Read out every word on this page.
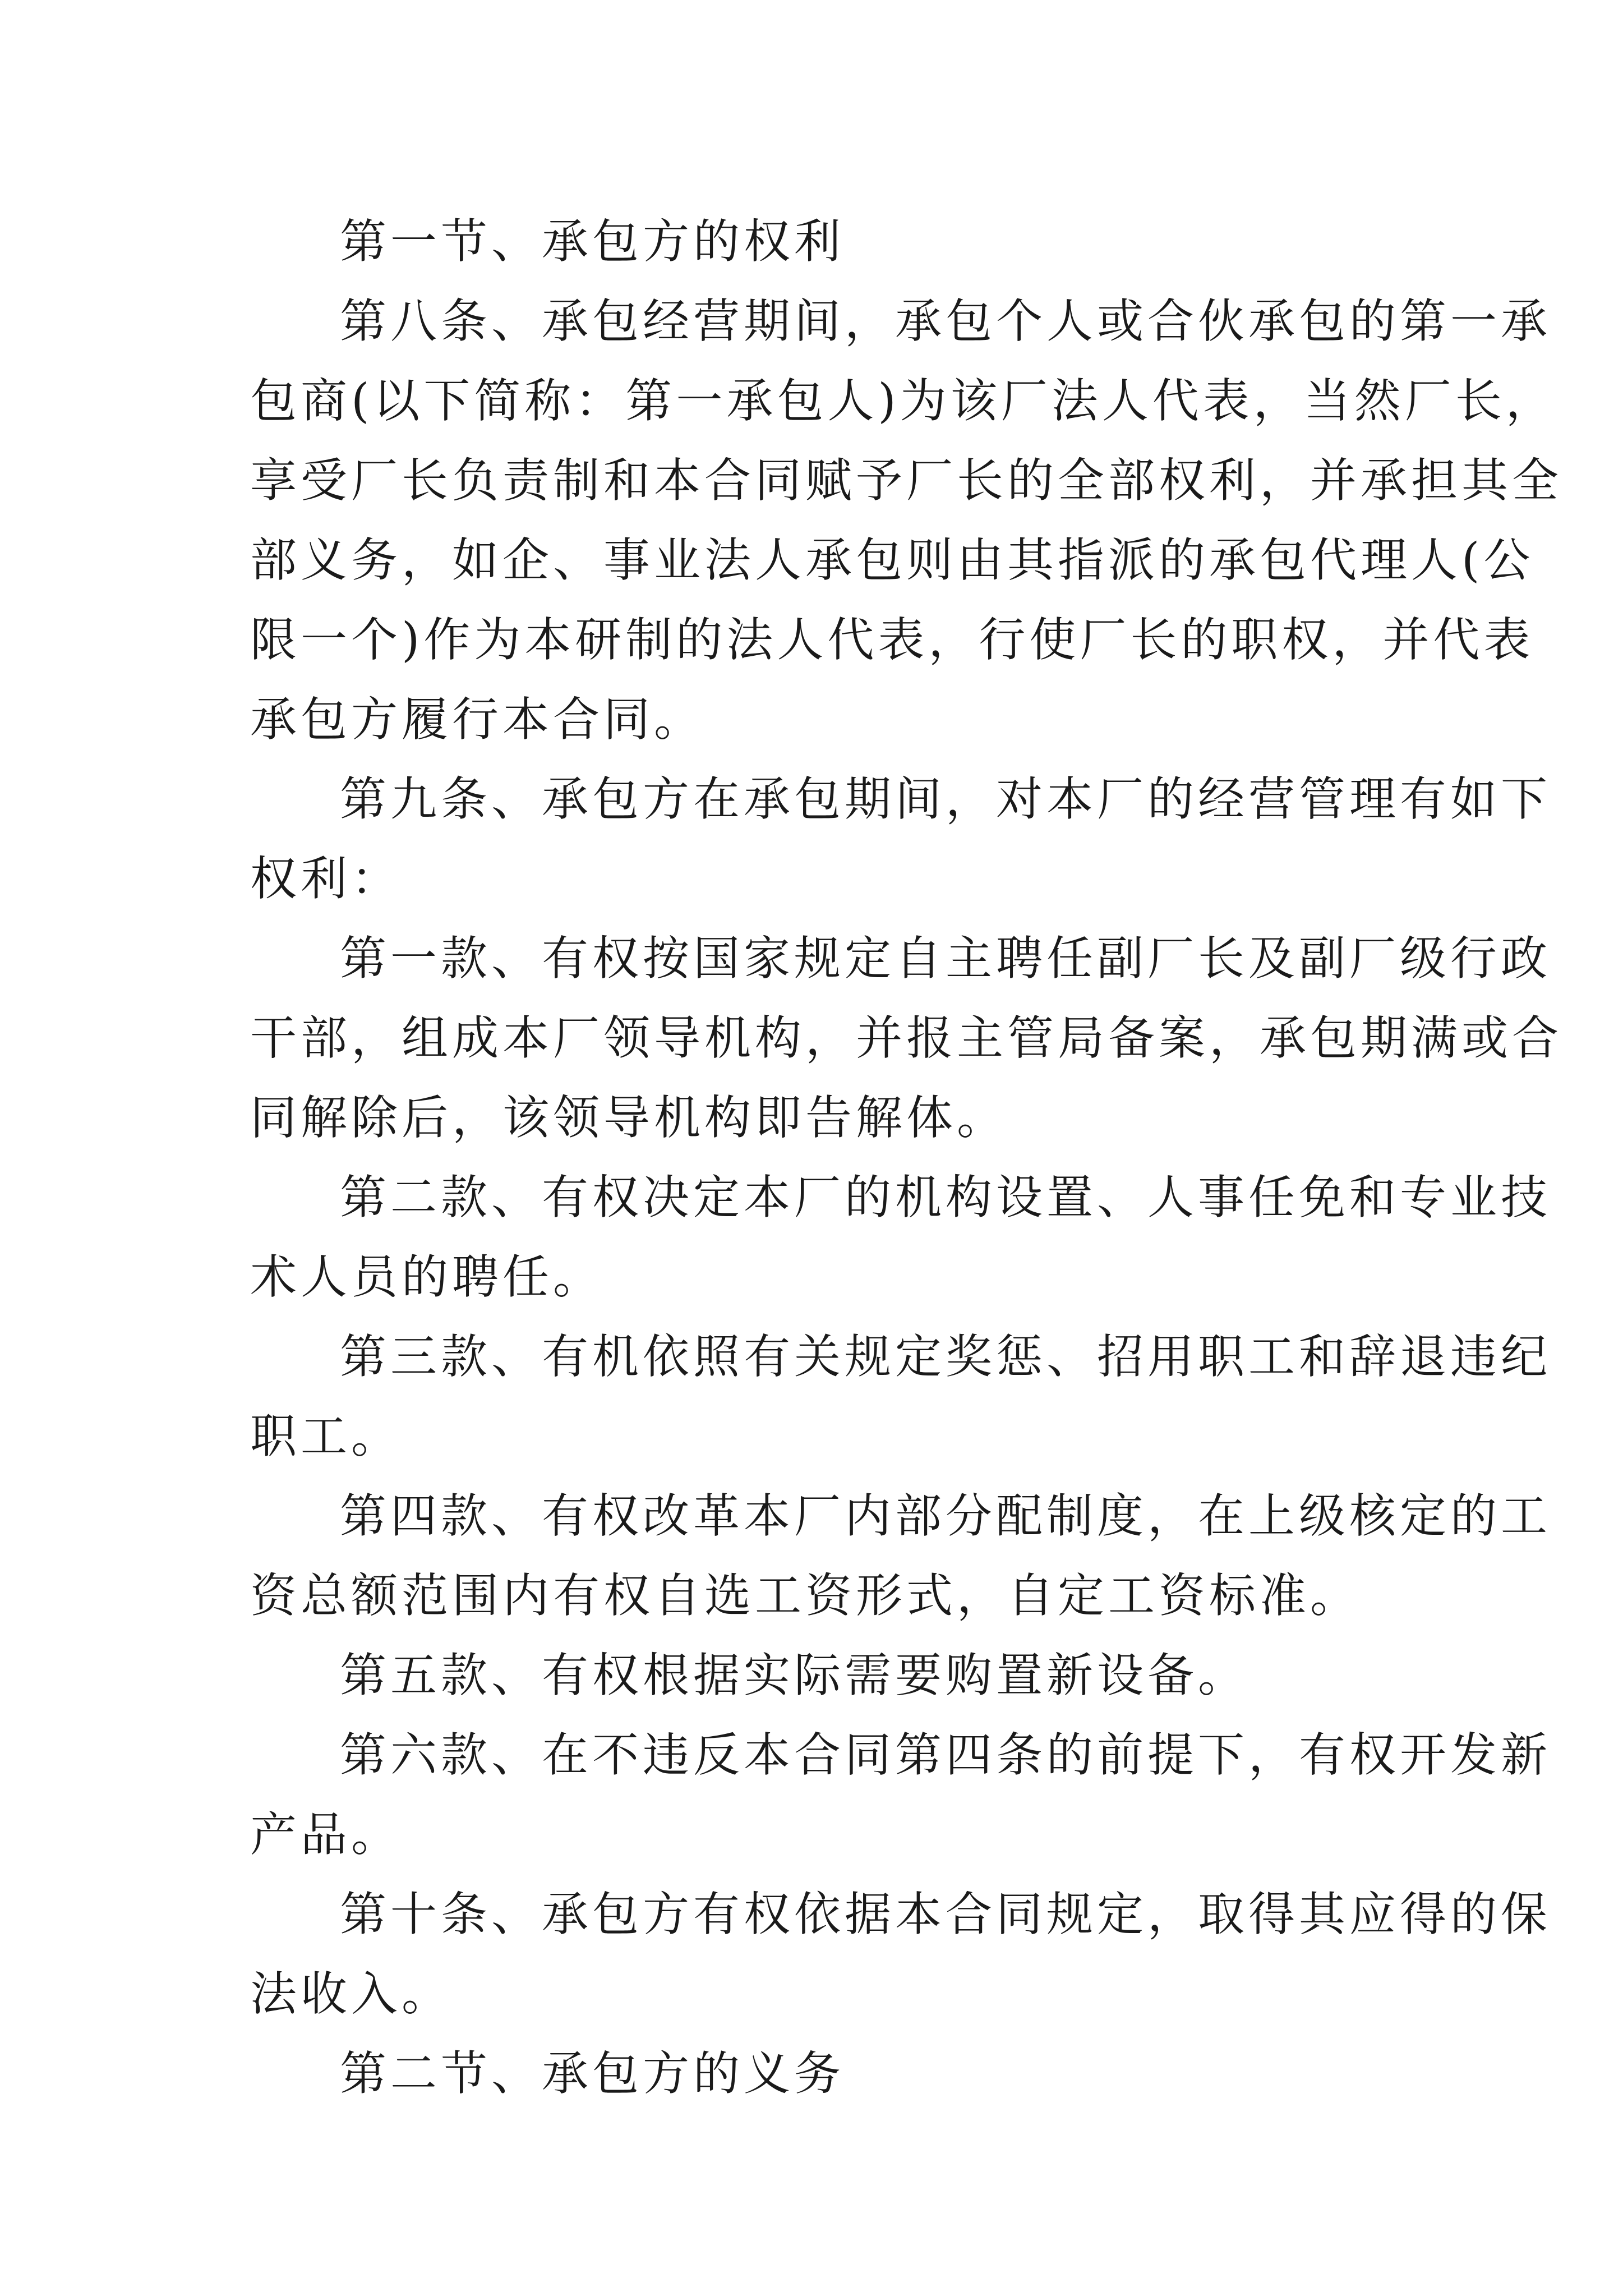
第一节、承包方的权利
第八条、承包经营期间，承包个人或合伙承包的第一承
包商(以下简称：第一承包人)为该厂法人代表，当然厂长，
享受厂长负责制和本合同赋予厂长的全部权利，并承担其全
部义务，如企、事业法人承包则由其指派的承包代理人(公
限一个)作为本研制的法人代表，行使厂长的职权，并代表
承包方履行本合同。
第九条、承包方在承包期间，对本厂的经营管理有如下
权利：
第一款、有权按国家规定自主聘任副厂长及副厂级行政
干部，组成本厂领导机构，并报主管局备案，承包期满或合
同解除后，该领导机构即告解体。
第二款、有权决定本厂的机构设置、人事任免和专业技
术人员的聘任。
第三款、有机依照有关规定奖惩、招用职工和辞退违纪
职工。
第四款、有权改革本厂内部分配制度，在上级核定的工
资总额范围内有权自选工资形式，自定工资标准。
第五款、有权根据实际需要购置新设备。
第六款、在不违反本合同第四条的前提下，有权开发新
产品。
第十条、承包方有权依据本合同规定，取得其应得的保
法收入。
第二节、承包方的义务
